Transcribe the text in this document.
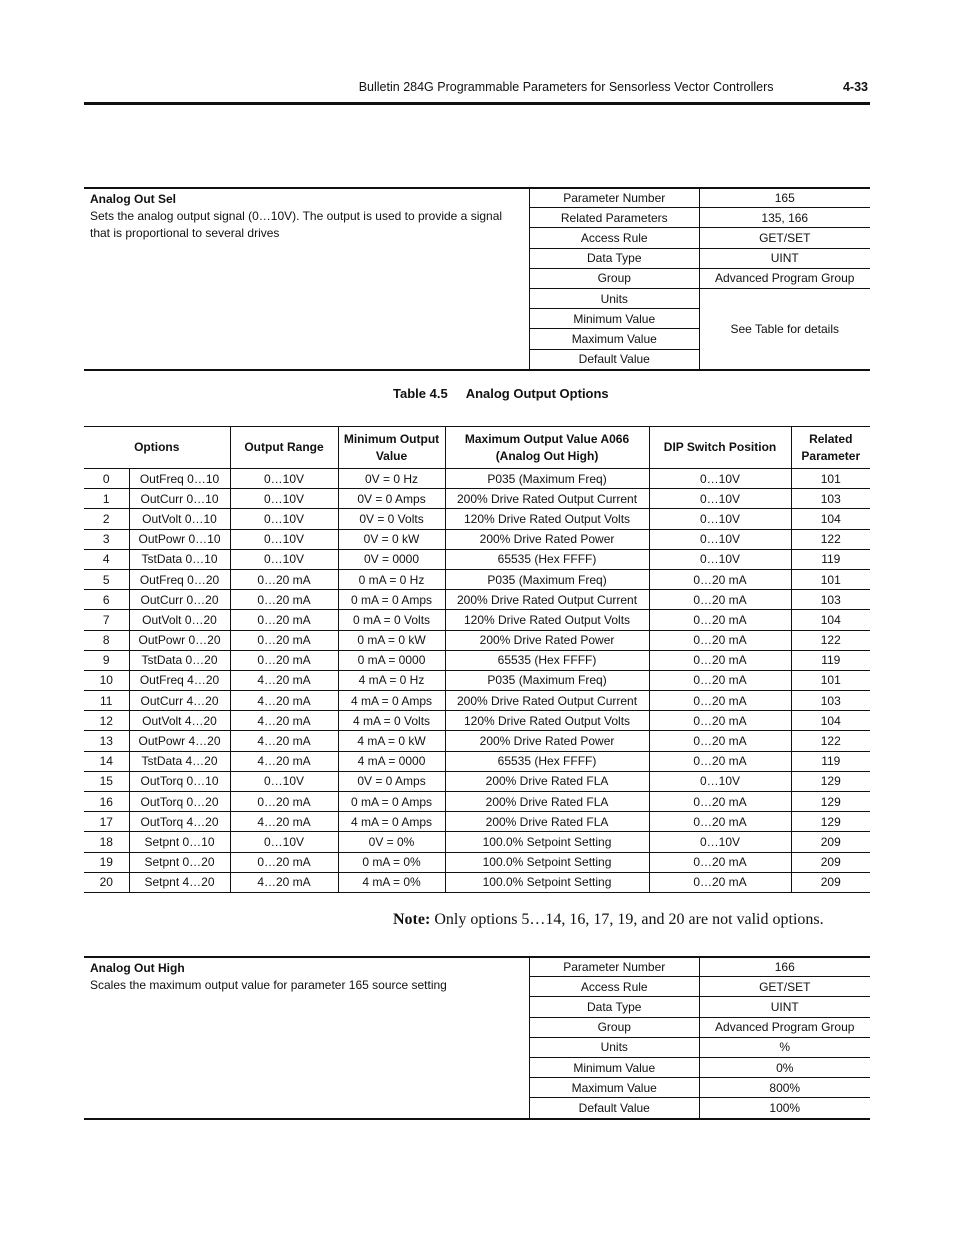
Bulletin 284G Programmable Parameters for Sensorless Vector Controllers	4-33
Analog Out Sel
Sets the analog output signal (0…10V). The output is used to provide a signal that is proportional to several drives
Parameter Number	165
Related Parameters	135, 166
Access Rule	GET/SET
Data Type	UINT
Group	Advanced Program Group
Units	See Table for details
Minimum Value	
Maximum Value	
Default Value	
Table 4.5 Analog Output Options
Options		Output Range	Minimum Output Value	Maximum Output Value A066 (Analog Out High)	DIP Switch Position	Related Parameter

0	OutFreq 0…10	0…10V	0V = 0 Hz	P035 (Maximum Freq)	0…10V	101
1	OutCurr 0…10	0…10V	0V = 0 Amps	200% Drive Rated Output Current	0…10V	103
2	OutVolt 0…10	0…10V	0V = 0 Volts	120% Drive Rated Output Volts	0…10V	104
3	OutPowr 0…10	0…10V	0V = 0 kW	200% Drive Rated Power	0…10V	122
4	TstData 0…10	0…10V	0V = 0000	65535 (Hex FFFF)	0…10V	119
5	OutFreq 0…20	0…20 mA	0 mA = 0 Hz	P035 (Maximum Freq)	0…20 mA	101
6	OutCurr 0…20	0…20 mA	0 mA = 0 Amps	200% Drive Rated Output Current	0…20 mA	103
7	OutVolt 0…20	0…20 mA	0 mA = 0 Volts	120% Drive Rated Output Volts	0…20 mA	104
8	OutPowr 0…20	0…20 mA	0 mA = 0 kW	200% Drive Rated Power	0…20 mA	122
9	TstData 0…20	0…20 mA	0 mA = 0000	65535 (Hex FFFF)	0…20 mA	119
10	OutFreq 4…20	4…20 mA	4 mA = 0 Hz	P035 (Maximum Freq)	0…20 mA	101
11	OutCurr 4…20	4…20 mA	4 mA = 0 Amps	200% Drive Rated Output Current	0…20 mA	103
12	OutVolt 4…20	4…20 mA	4 mA = 0 Volts	120% Drive Rated Output Volts	0…20 mA	104
13	OutPowr 4…20	4…20 mA	4 mA = 0 kW	200% Drive Rated Power	0…20 mA	122
14	TstData 4…20	4…20 mA	4 mA = 0000	65535 (Hex FFFF)	0…20 mA	119
15	OutTorq 0…10	0…10V	0V = 0 Amps	200% Drive Rated FLA	0…10V	129
16	OutTorq 0…20	0…20 mA	0 mA = 0 Amps	200% Drive Rated FLA	0…20 mA	129
17	OutTorq 4…20	4…20 mA	4 mA = 0 Amps	200% Drive Rated FLA	0…20 mA	129
18	Setpnt 0…10	0…10V	0V = 0%	100.0% Setpoint Setting	0…10V	209
19	Setpnt 0…20	0…20 mA	0 mA = 0%	100.0% Setpoint Setting	0…20 mA	209
20	Setpnt 4…20	4…20 mA	4 mA = 0%	100.0% Setpoint Setting	0…20 mA	209
Note: Only options 5…14, 16, 17, 19, and 20 are not valid options.
Analog Out High
Scales the maximum output value for parameter 165 source setting
Parameter Number	166
Access Rule	GET/SET
Data Type	UINT
Group	Advanced Program Group
Units	%
Minimum Value	0%
Maximum Value	800%
Default Value	100%
